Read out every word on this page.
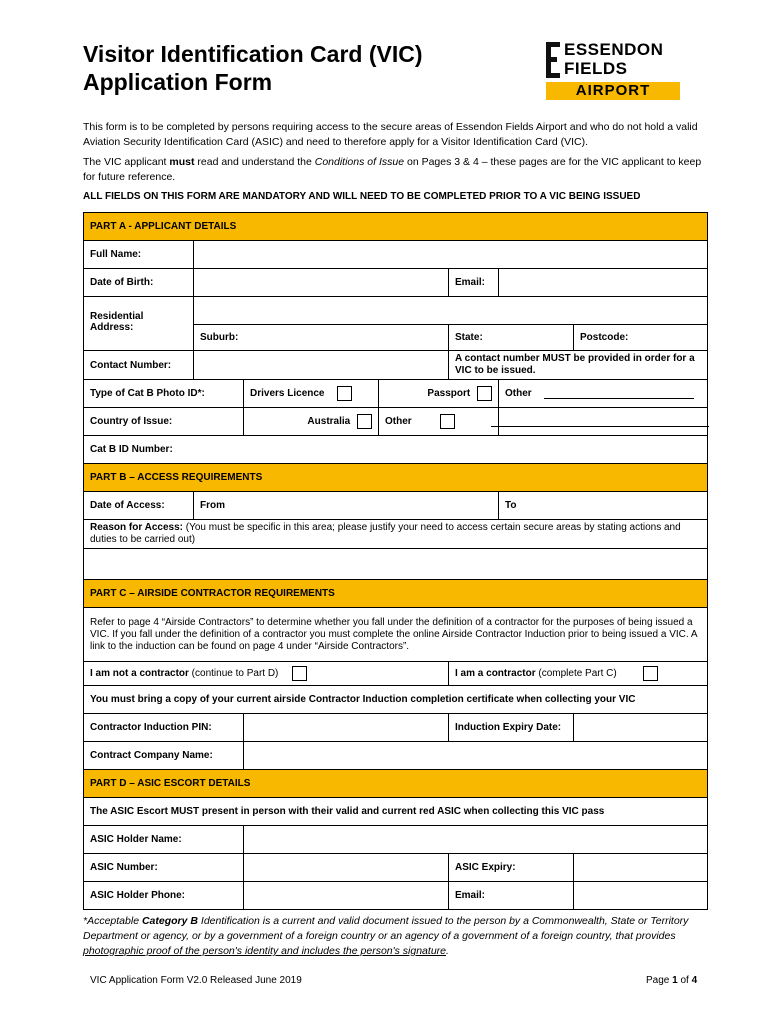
Visitor Identification Card (VIC)
Application Form
ESSENDON
FIELDS
AIRPORT
This form is to be completed by persons requiring access to the secure areas of Essendon Fields Airport and who do not hold a valid Aviation Security Identification Card (ASIC) and need to therefore apply for a Visitor Identification Card (VIC).
The VIC applicant must read and understand the Conditions of Issue on Pages 3 & 4 – these pages are for the VIC applicant to keep for future reference.
ALL FIELDS ON THIS FORM ARE MANDATORY AND WILL NEED TO BE COMPLETED PRIOR TO A VIC BEING ISSUED
PART A - APPLICANT DETAILS						
Full Name:						
Date of Birth:				Email:		
Residential Address:						
	Suburb:			State:		Postcode:
Contact Number:				A contact number MUST be provided in order for a VIC to be issued.		
Type of Cat B Photo ID*:		Drivers Licence	Passport		Other	
Country of Issue:		Australia	Other			
Cat B ID Number:						
PART B – ACCESS REQUIREMENTS						
Date of Access:	From				To	
Reason for Access: (You must be specific in this area; please justify your need to access certain secure areas by stating actions and duties to be carried out)						

PART C – AIRSIDE CONTRACTOR REQUIREMENTS						
Refer to page 4 “Airside Contractors” to determine whether you fall under the definition of a contractor for the purposes of being issued a VIC. If you fall under the definition of a contractor you must complete the online Airside Contractor Induction prior to being issued a VIC. A link to the induction can be found on page 4 under “Airside Contractors”.						
I am not a contractor (continue to Part D)				I am a contractor (complete Part C)		
You must bring a copy of your current airside Contractor Induction completion certificate when collecting your VIC						
Contractor Induction PIN:				Induction Expiry Date:		
Contract Company Name:						
PART D – ASIC ESCORT DETAILS						
The ASIC Escort MUST present in person with their valid and current red ASIC when collecting this VIC pass						
ASIC Holder Name:						
ASIC Number:				ASIC Expiry:		
ASIC Holder Phone:				Email:		
*Acceptable Category B Identification is a current and valid document issued to the person by a Commonwealth, State or Territory Department or agency, or by a government of a foreign country or an agency of a government of a foreign country, that provides photographic proof of the person's identity and includes the person's signature.
VIC Application Form V2.0 Released June 2019	Page 1 of 4
